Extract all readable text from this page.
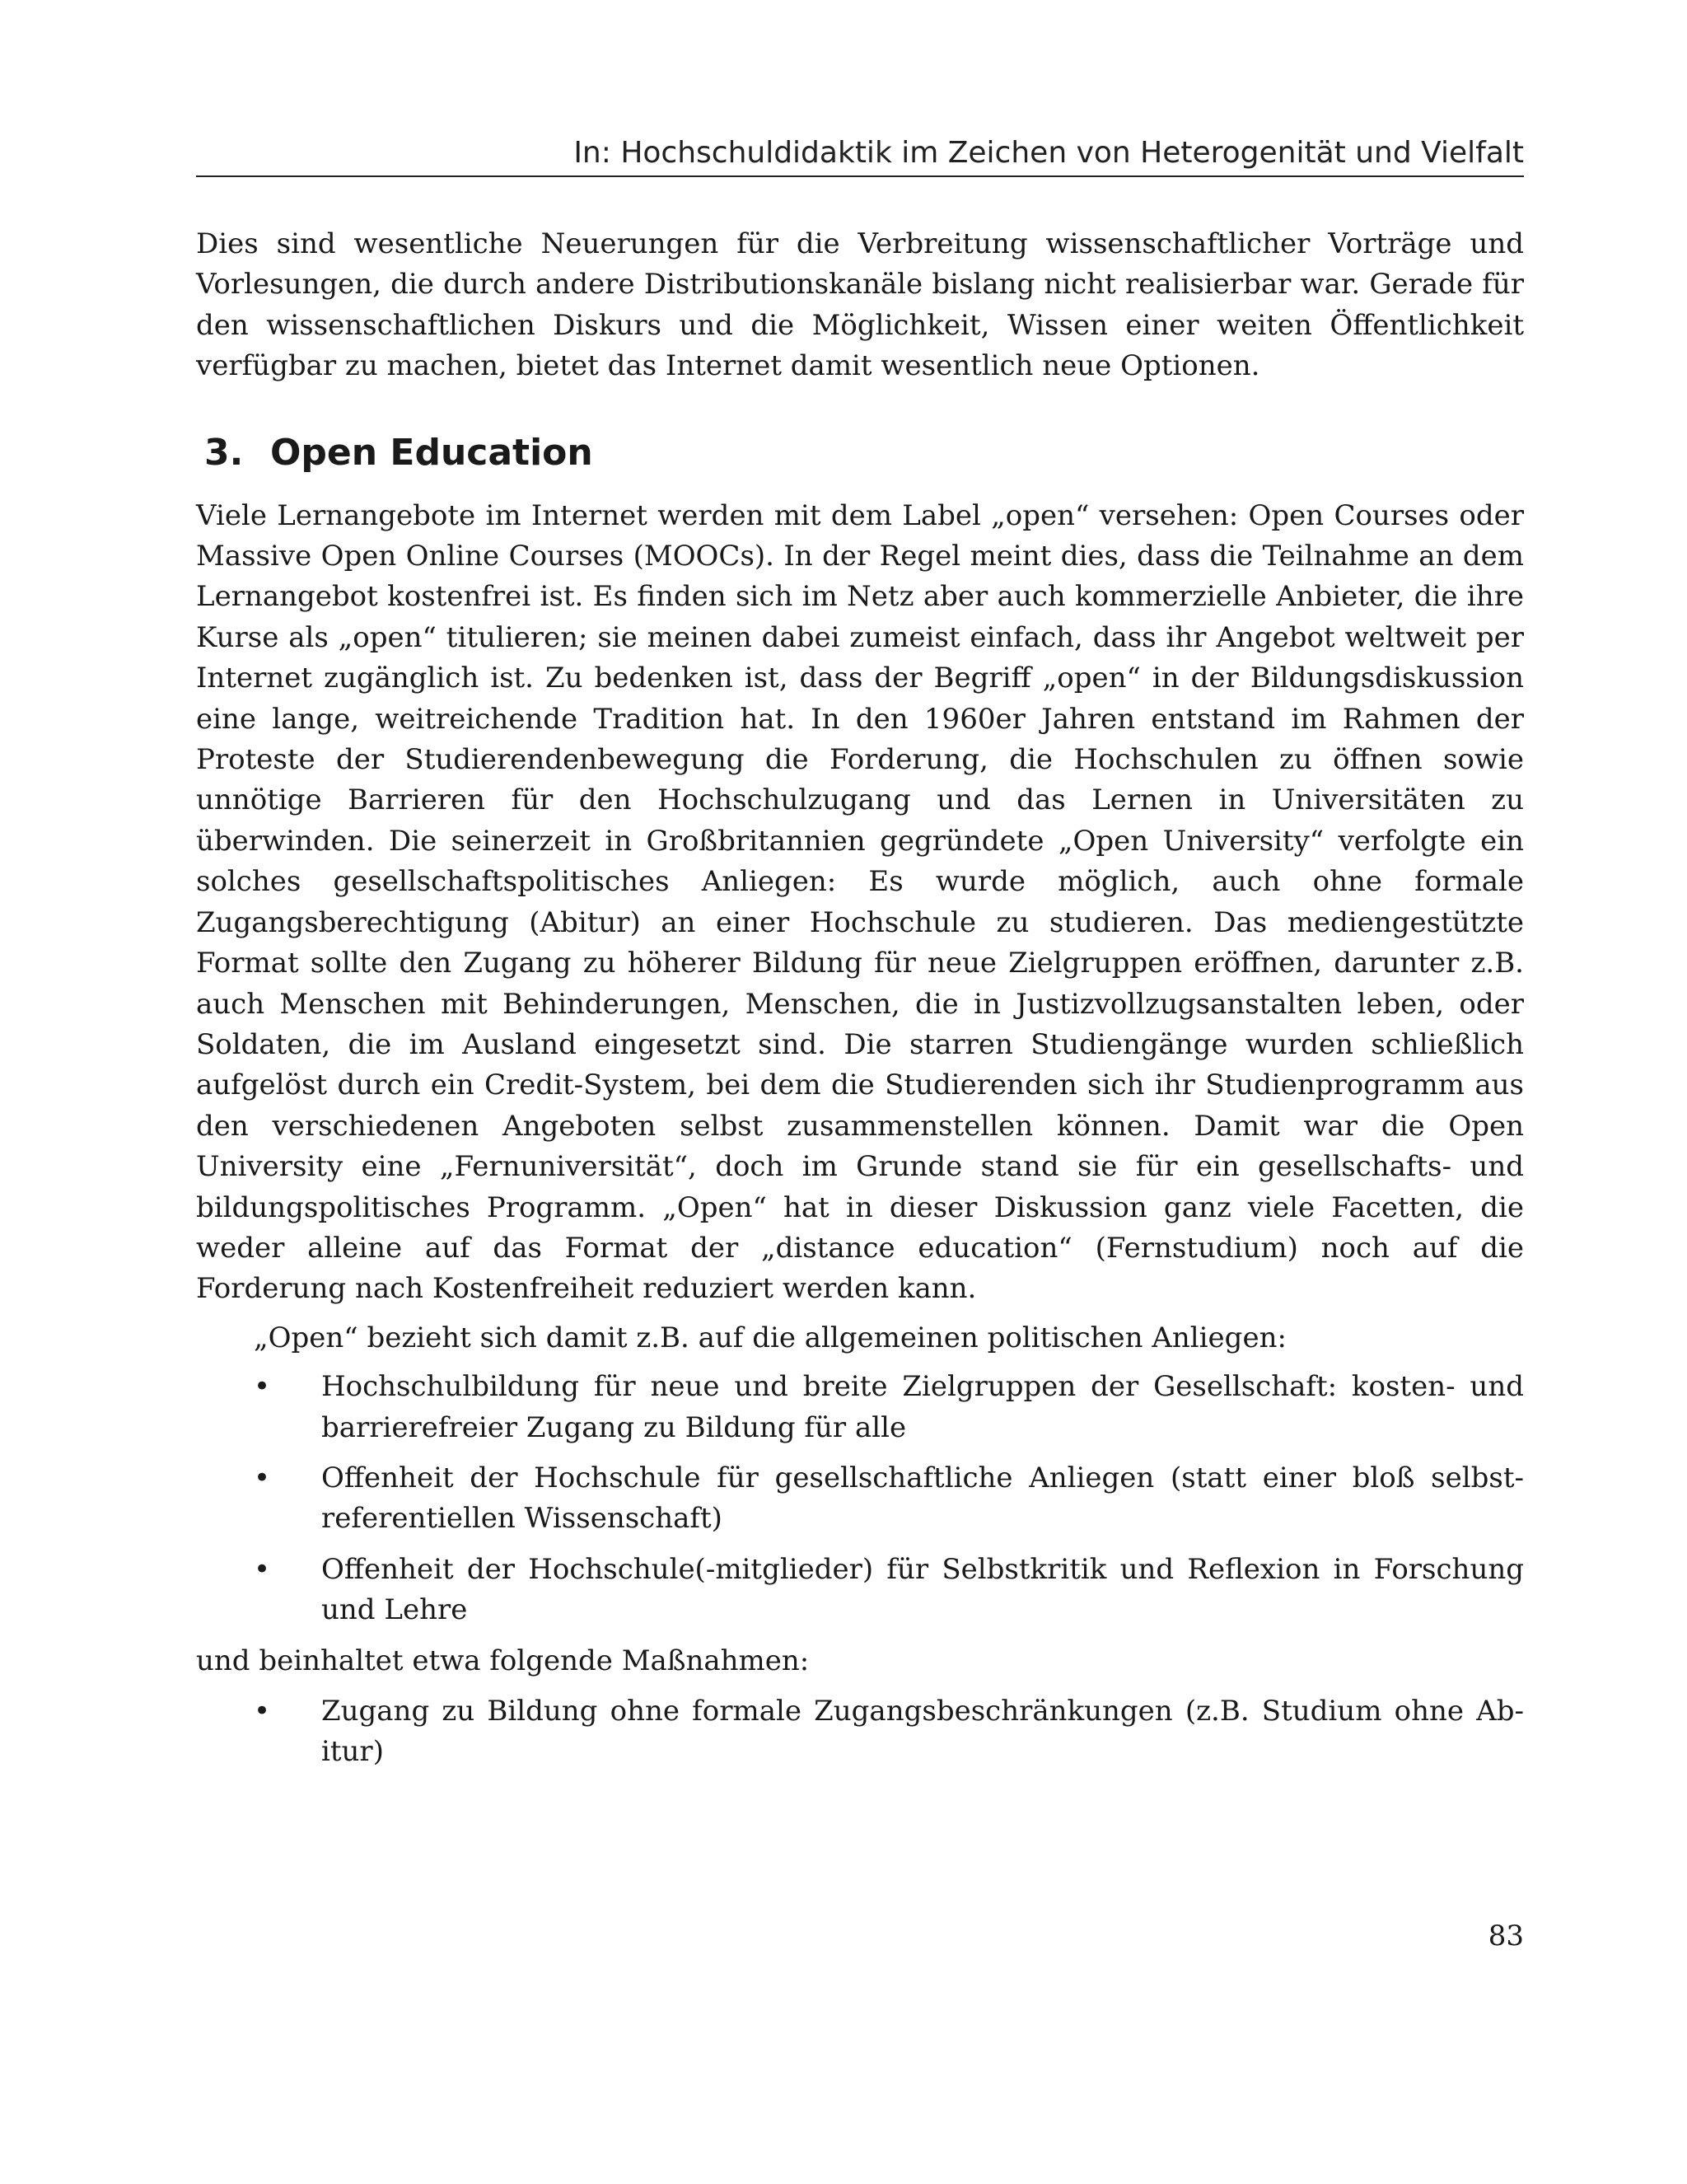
In: Hochschuldidaktik im Zeichen von Heterogenität und Vielfalt

Dies sind wesentliche Neuerungen für die Verbreitung wissenschaftlicher Vorträge und Vorlesungen, die durch andere Distributionskanäle bislang nicht realisierbar war. Gerade für den wissenschaftlichen Diskurs und die Möglichkeit, Wissen einer weiten Öffentlichkeit verfügbar zu machen, bietet das Internet damit wesentlich neue Optionen.

3. Open Education

Viele Lernangebote im Internet werden mit dem Label „open“ versehen: Open Courses oder Massive Open Online Courses (MOOCs). In der Regel meint dies, dass die Teilnahme an dem Lernangebot kostenfrei ist. Es finden sich im Netz aber auch kommerzielle Anbieter, die ihre Kurse als „open“ titulieren; sie meinen dabei zumeist einfach, dass ihr Angebot weltweit per Internet zugänglich ist. Zu bedenken ist, dass der Begriff „open“ in der Bildungsdiskussion eine lange, weitreichende Tradition hat. In den 1960er Jahren entstand im Rahmen der Proteste der Studierendenbewegung die Forderung, die Hochschulen zu öffnen sowie unnötige Barrieren für den Hochschulzugang und das Lernen in Universitäten zu überwinden. Die seinerzeit in Großbritannien gegründete „Open University“ verfolgte ein solches gesellschaftspolitisches Anliegen: Es wurde möglich, auch ohne formale Zugangsberechtigung (Abitur) an einer Hochschule zu studieren. Das mediengestützte Format sollte den Zugang zu höherer Bildung für neue Zielgruppen eröffnen, darunter z.B. auch Menschen mit Behinderungen, Menschen, die in Justizvollzugsanstalten leben, oder Soldaten, die im Ausland eingesetzt sind. Die starren Studiengänge wurden schließlich aufgelöst durch ein Credit-System, bei dem die Studierenden sich ihr Studienprogramm aus den verschiedenen Angeboten selbst zusammenstellen können. Damit war die Open University eine „Fernuniversität“, doch im Grunde stand sie für ein gesellschafts- und bildungspolitisches Programm. „Open“ hat in dieser Diskussion ganz viele Facetten, die weder alleine auf das Format der „distance education“ (Fernstudium) noch auf die Forderung nach Kostenfreiheit reduziert werden kann.

„Open“ bezieht sich damit z.B. auf die allgemeinen politischen Anliegen:

• Hochschulbildung für neue und breite Zielgruppen der Gesellschaft: kosten- und barrierefreier Zugang zu Bildung für alle
• Offenheit der Hochschule für gesellschaftliche Anliegen (statt einer bloß selbstreferentiellen Wissenschaft)
• Offenheit der Hochschule(-mitglieder) für Selbstkritik und Reflexion in Forschung und Lehre

und beinhaltet etwa folgende Maßnahmen:

• Zugang zu Bildung ohne formale Zugangsbeschränkungen (z.B. Studium ohne Abitur)
83
